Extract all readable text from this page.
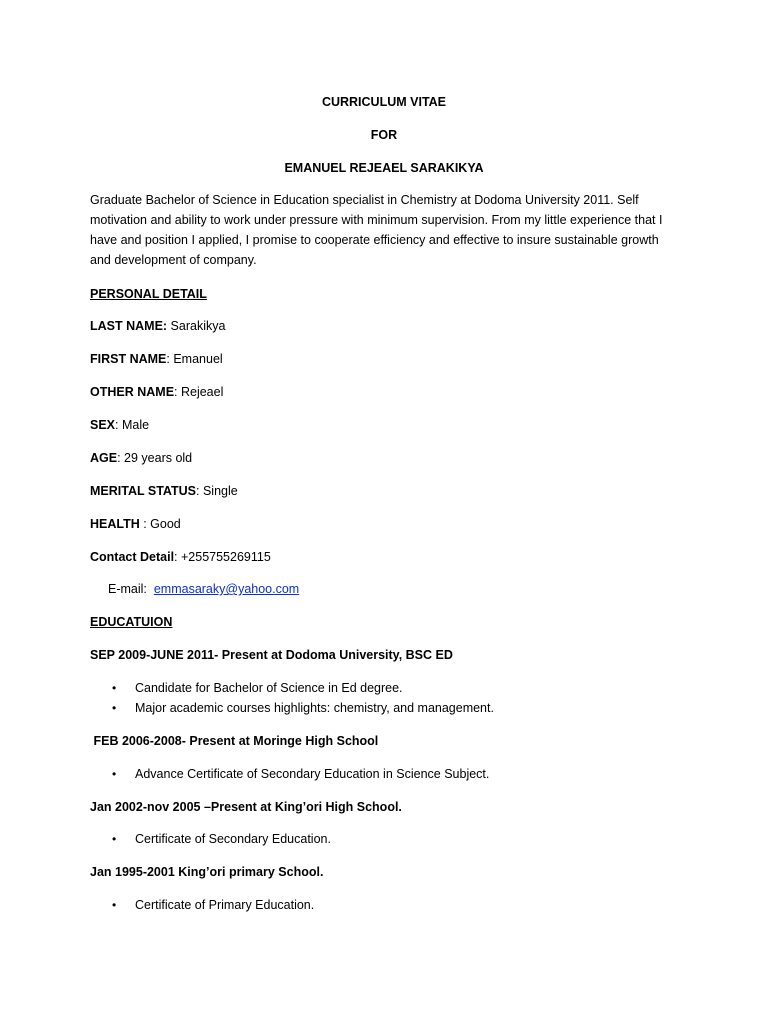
CURRICULUM VITAE
FOR
EMANUEL REJEAEL SARAKIKYA
Graduate Bachelor of Science in Education specialist in Chemistry at Dodoma University 2011. Self motivation and ability to work under pressure with minimum supervision. From my little experience that I have and position I applied, I promise to cooperate efficiency and effective to insure sustainable growth and development of company.
PERSONAL DETAIL
LAST NAME: Sarakikya
FIRST NAME: Emanuel
OTHER NAME: Rejeael
SEX: Male
AGE: 29 years old
MERITAL STATUS: Single
HEALTH : Good
Contact Detail: +255755269115
E-mail:  emmasaraky@yahoo.com
EDUCATUION
SEP 2009-JUNE 2011- Present at Dodoma University, BSC ED
• Candidate for Bachelor of Science in Ed degree.
• Major academic courses highlights: chemistry, and management.
FEB 2006-2008- Present at Moringe High School
• Advance Certificate of Secondary Education in Science Subject.
Jan 2002-nov 2005 –Present at King’ori High School.
• Certificate of Secondary Education.
Jan 1995-2001 King’ori primary School.
• Certificate of Primary Education.
